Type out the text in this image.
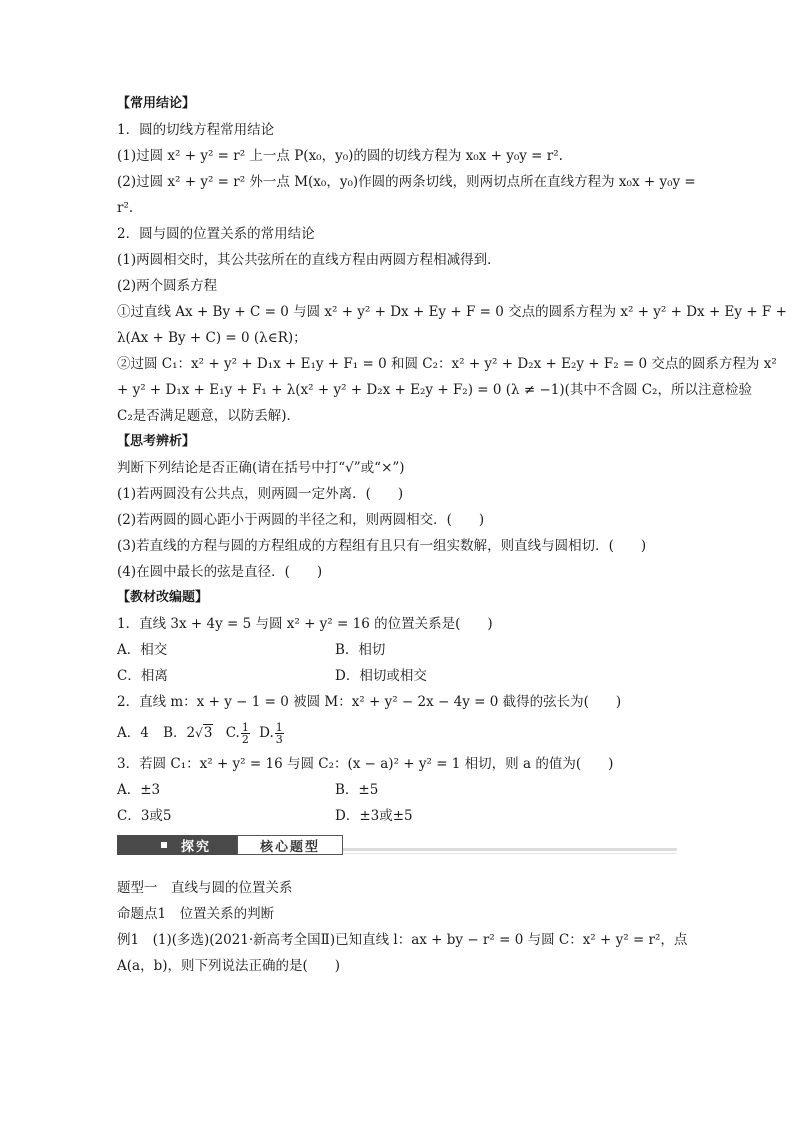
【常用结论】
1．圆的切线方程常用结论
(1)过圆 x² + y² = r² 上一点 P(x₀，y₀)的圆的切线方程为 x₀x + y₀y = r².
(2)过圆 x² + y² = r² 外一点 M(x₀，y₀)作圆的两条切线，则两切点所在直线方程为 x₀x + y₀y =
r².
2．圆与圆的位置关系的常用结论
(1)两圆相交时，其公共弦所在的直线方程由两圆方程相减得到．
(2)两个圆系方程
①过直线 Ax + By + C = 0 与圆 x² + y² + Dx + Ey + F = 0 交点的圆系方程为 x² + y² + Dx + Ey + F +
λ(Ax + By + C) = 0 (λ∈R)；
②过圆 C₁：x² + y² + D₁x + E₁y + F₁ = 0 和圆 C₂：x² + y² + D₂x + E₂y + F₂ = 0 交点的圆系方程为 x²
+ y² + D₁x + E₁y + F₁ + λ(x² + y² + D₂x + E₂y + F₂) = 0 (λ ≠ −1)(其中不含圆 C₂，所以注意检验
C₂是否满足题意，以防丢解)．
【思考辨析】
判断下列结论是否正确(请在括号中打“√”或“×”)
(1)若两圆没有公共点，则两圆一定外离．(　　)
(2)若两圆的圆心距小于两圆的半径之和，则两圆相交．(　　)
(3)若直线的方程与圆的方程组成的方程组有且只有一组实数解，则直线与圆相切．(　　)
(4)在圆中最长的弦是直径．(　　)
【教材改编题】
1．直线 3x + 4y = 5 与圆 x² + y² = 16 的位置关系是(　　)
A．相交	B．相切
C．相离	D．相切或相交
2．直线 m：x + y − 1 = 0 被圆 M：x² + y² − 2x − 4y = 0 截得的弦长为(　　)
A．4 B．2√3 C. $\frac{1}{2} D$. $\frac{1}{3}$
3．若圆 C₁：x² + y² = 16 与圆 C₂：(x − a)² + y² = 1 相切，则 a 的值为(　　)
A．±3	B．±5
C．3或5	D．±3或±5
探究	核心题型
题型一　直线与圆的位置关系
命题点1　位置关系的判断
例1　(1)(多选)(2021·新高考全国Ⅱ)已知直线 l：ax + by − r² = 0 与圆 C：x² + y² = r²，点
A(a，b)，则下列说法正确的是(　　)
